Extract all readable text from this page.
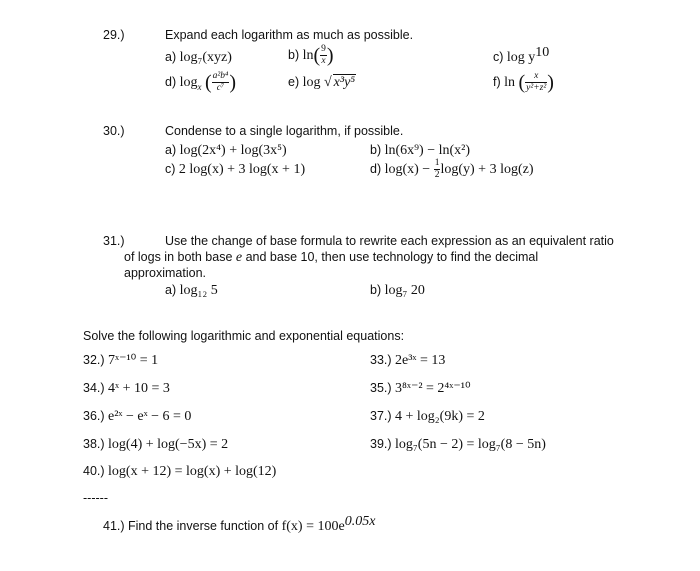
29.)	Expand each logarithm as much as possible.
a) log₇(xyz)	b) $\ln( \frac{9}{x}$ )	c) $\log y^{10}$
d) $\log_x$ ( $\frac{\text{a²b⁴}}{\text{c⁷}}$ )	e) log √ x³y⁵	f) ln ( $\frac{x}{\text{y²+z²}}$ )
30.)	Condense to a single logarithm, if possible.
a) log(2x⁴) + log(3x⁵)	b) ln(6x⁹) − ln(x²)
c) 2 log(x) + 3 log(x + 1)	d) $\log(x) - \frac{1}{2} \log(y) + 3$ log(z)
31.)	Use the change of base formula to rewrite each expression as an equivalent ratio
of logs in both base e and base 10, then use technology to find the decimal
approximation.
a) log₁₂ 5	b) log₇ 20
Solve the following logarithmic and exponential equations:
32.) 7ˣ⁻¹⁰ = 1	33.) 2e³ˣ = 13
34.) 4ˣ + 10 = 3	35.) 3⁸ˣ⁻² = 2⁴ˣ⁻¹⁰
36.) e²ˣ − eˣ − 6 = 0	37.) 4 + log₂(9k) = 2
38.) log(4) + log(−5x) = 2	39.) log₇(5n − 2) = log₇(8 − 5n)
40.) log(x + 12) = log(x) + log(12)
------
41.) Find the inverse function of $f(x) = 100e^{0.05x}$
